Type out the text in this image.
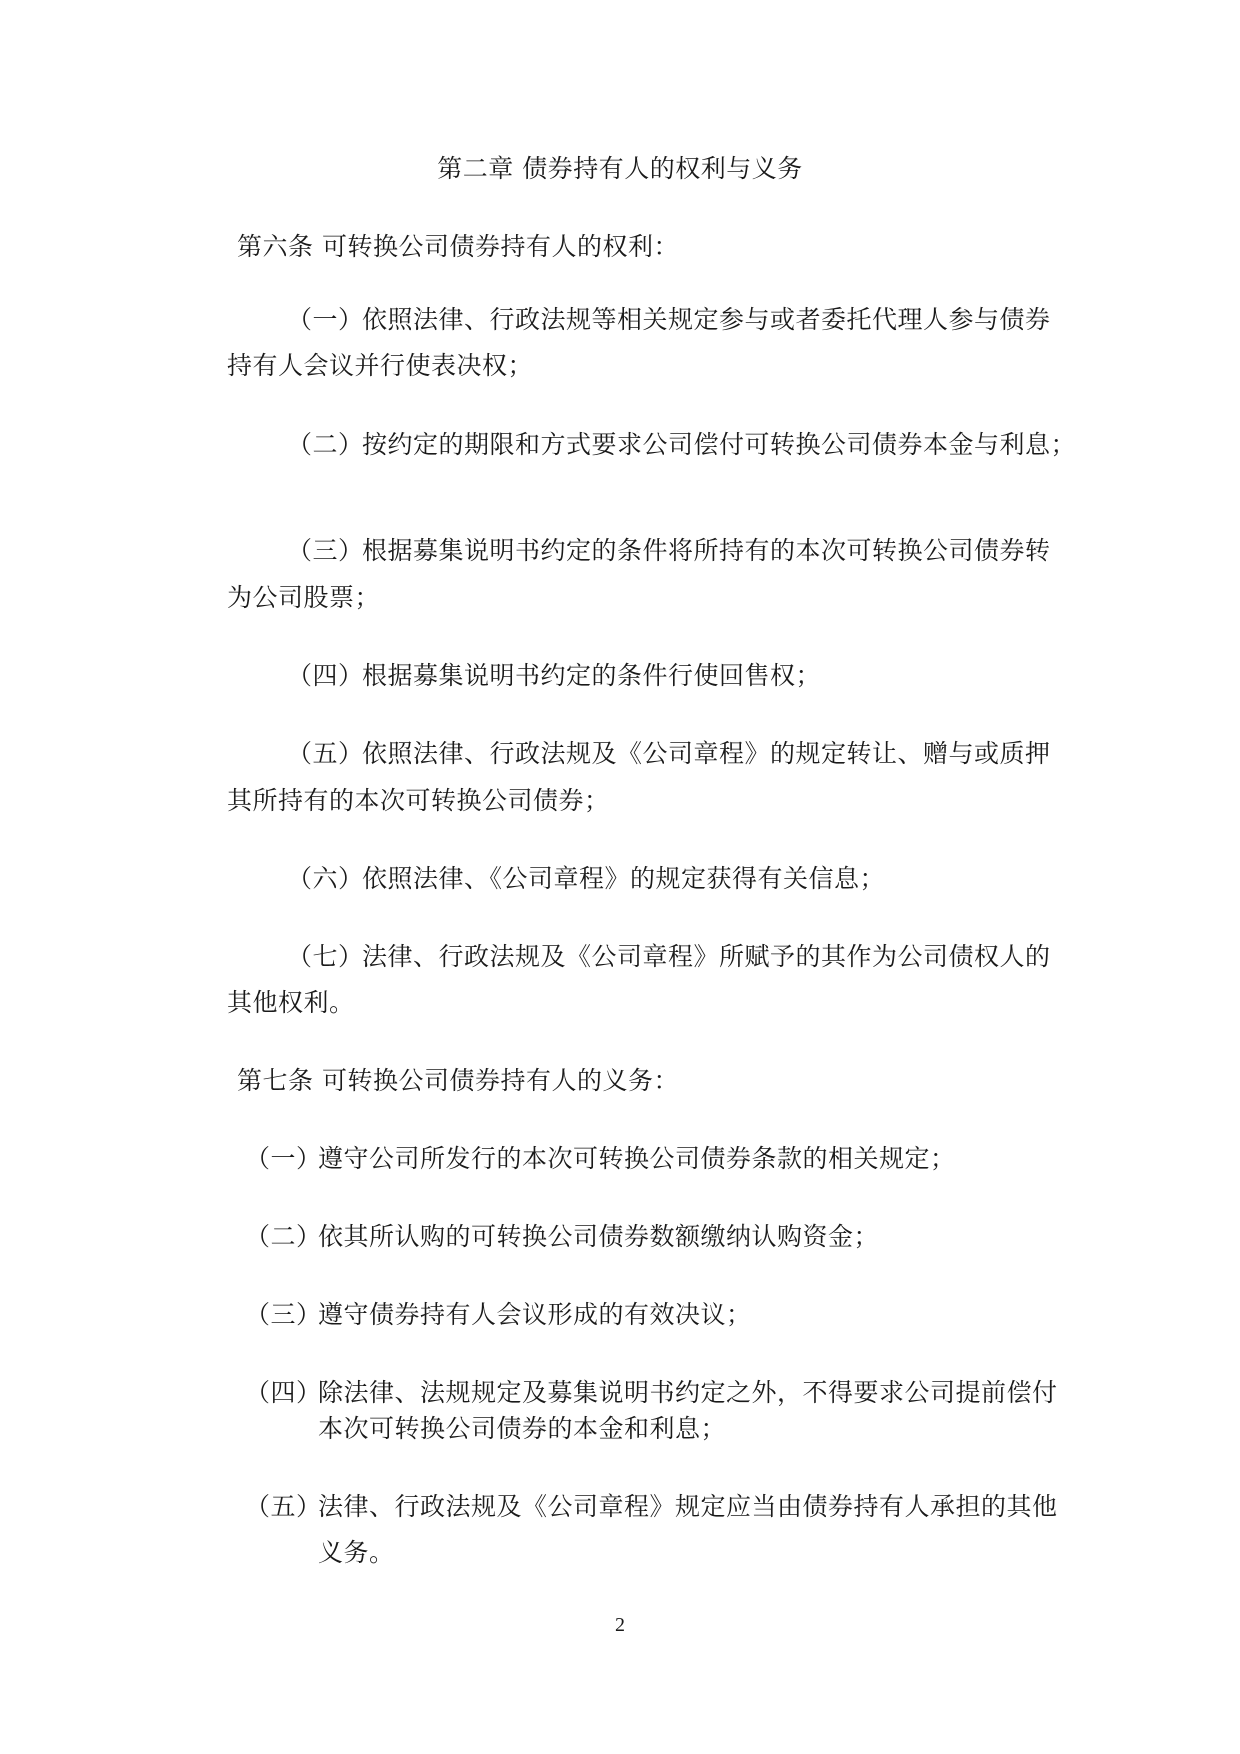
第二章 债券持有人的权利与义务
第六条 可转换公司债券持有人的权利：
（一）
依照法律、行政法规等相关规定参与或者委托代理人参与债券
持有人会议并行使表决权；
（二）
按约定的期限和方式要求公司偿付可转换公司债券本金与利息；
（三）
根据募集说明书约定的条件将所持有的本次可转换公司债券转
为公司股票；
（四）
根据募集说明书约定的条件行使回售权；
（五）
依照法律、行政法规及《公司章程》的规定转让、赠与或质押
其所持有的本次可转换公司债券；
（六）
依照法律、《公司章程》的规定获得有关信息；
（七）
法律、行政法规及《公司章程》所赋予的其作为公司债权人的
其他权利。
第七条 可转换公司债券持有人的义务：
（一）
遵守公司所发行的本次可转换公司债券条款的相关规定；
（二）
依其所认购的可转换公司债券数额缴纳认购资金；
（三）
遵守债券持有人会议形成的有效决议；
（四）
除法律、法规规定及募集说明书约定之外，不得要求公司提前偿付
本次可转换公司债券的本金和利息；
（五）
法律、行政法规及《公司章程》规定应当由债券持有人承担的其他
义务。
2
